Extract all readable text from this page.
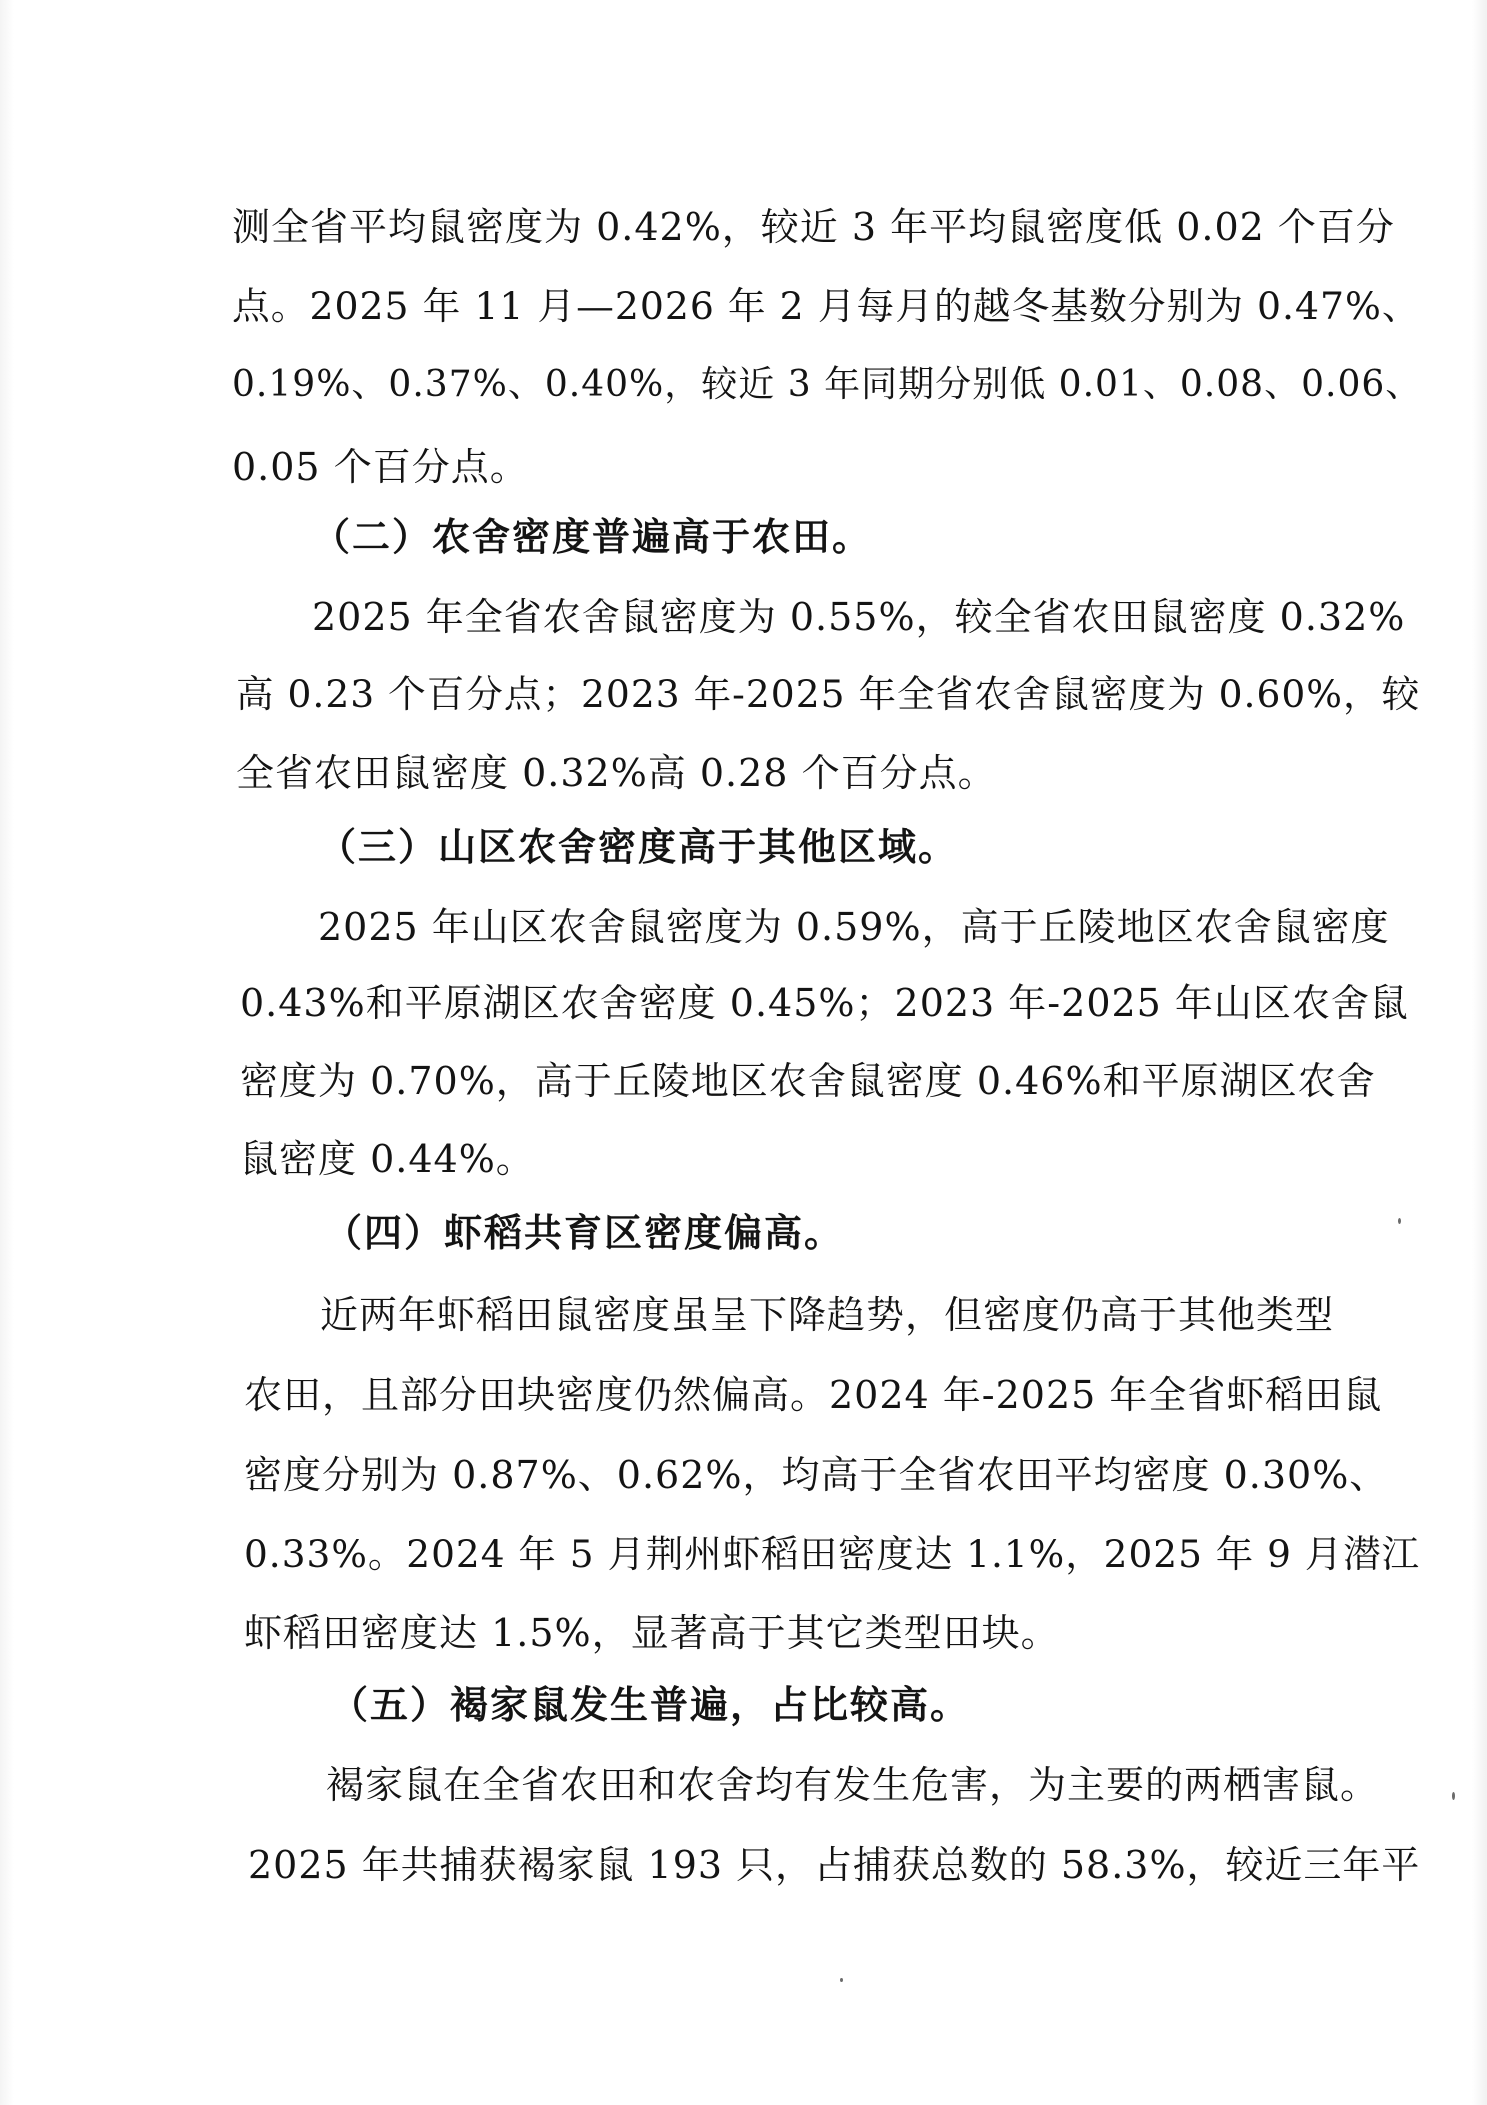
测全省平均鼠密度为 0.42%，较近 3 年平均鼠密度低 0.02 个百分

点。2025 年 11 月—2026 年 2 月每月的越冬基数分别为 0.47%、

0.19%、0.37%、0.40%，较近 3 年同期分别低 0.01、0.08、0.06、

0.05 个百分点。

（二）农舍密度普遍高于农田。

2025 年全省农舍鼠密度为 0.55%，较全省农田鼠密度 0.32%

高 0.23 个百分点；2023 年-2025 年全省农舍鼠密度为 0.60%，较

全省农田鼠密度 0.32%高 0.28 个百分点。

（三）山区农舍密度高于其他区域。

2025 年山区农舍鼠密度为 0.59%，高于丘陵地区农舍鼠密度

0.43%和平原湖区农舍密度 0.45%；2023 年-2025 年山区农舍鼠

密度为 0.70%，高于丘陵地区农舍鼠密度 0.46%和平原湖区农舍

鼠密度 0.44%。

（四）虾稻共育区密度偏高。

近两年虾稻田鼠密度虽呈下降趋势，但密度仍高于其他类型

农田，且部分田块密度仍然偏高。2024 年-2025 年全省虾稻田鼠

密度分别为 0.87%、0.62%，均高于全省农田平均密度 0.30%、

0.33%。2024 年 5 月荆州虾稻田密度达 1.1%，2025 年 9 月潜江

虾稻田密度达 1.5%，显著高于其它类型田块。

（五）褐家鼠发生普遍，占比较高。

褐家鼠在全省农田和农舍均有发生危害，为主要的两栖害鼠。

2025 年共捕获褐家鼠 193 只，占捕获总数的 58.3%，较近三年平
